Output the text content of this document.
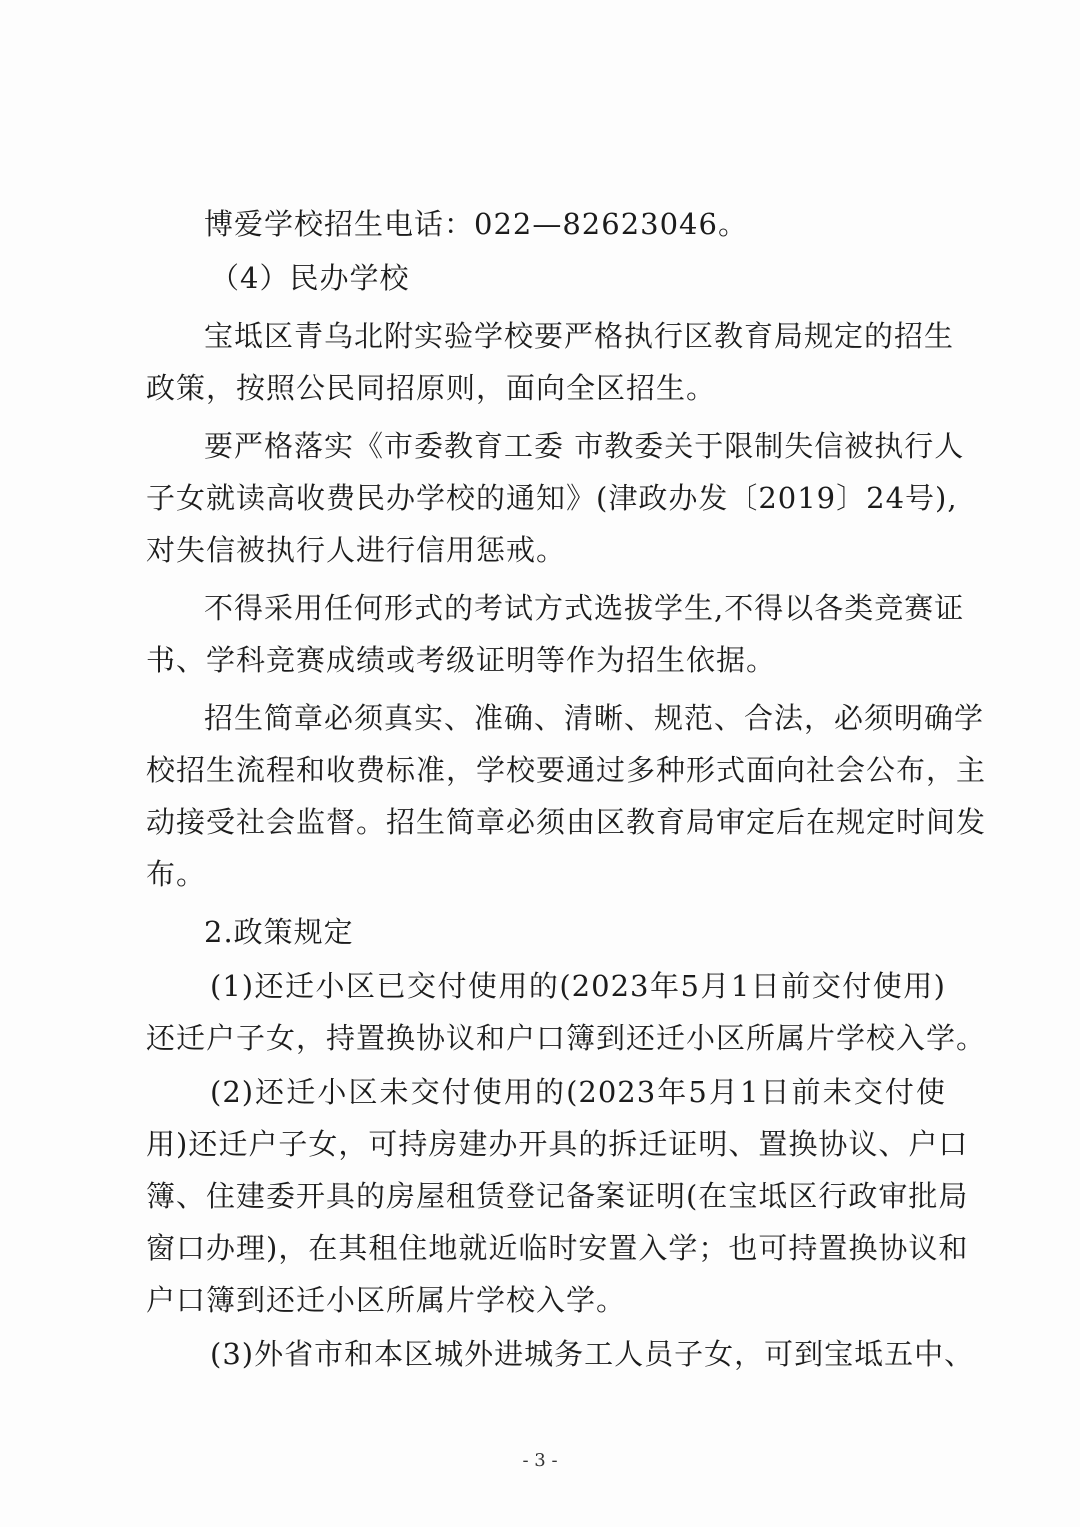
博爱学校招生电话：022—82623046。
（4）民办学校
宝坻区青乌北附实验学校要严格执行区教育局规定的招生
政策，按照公民同招原则，面向全区招生。
要严格落实《市委教育工委 市教委关于限制失信被执行人
子女就读高收费民办学校的通知》(津政办发〔2019〕24号),
对失信被执行人进行信用惩戒。
不得采用任何形式的考试方式选拔学生,不得以各类竞赛证
书、学科竞赛成绩或考级证明等作为招生依据。
招生简章必须真实、准确、清晰、规范、合法，必须明确学
校招生流程和收费标准，学校要通过多种形式面向社会公布，主
动接受社会监督。招生简章必须由区教育局审定后在规定时间发
布。
2.政策规定
(1)还迁小区已交付使用的(2023年5月1日前交付使用)
还迁户子女，持置换协议和户口簿到还迁小区所属片学校入学。
(2)还迁小区未交付使用的(2023年5月1日前未交付使
用)还迁户子女，可持房建办开具的拆迁证明、置换协议、户口
簿、住建委开具的房屋租赁登记备案证明(在宝坻区行政审批局
窗口办理)，在其租住地就近临时安置入学；也可持置换协议和
户口簿到还迁小区所属片学校入学。
(3)外省市和本区城外进城务工人员子女，可到宝坻五中、
- 3 -
